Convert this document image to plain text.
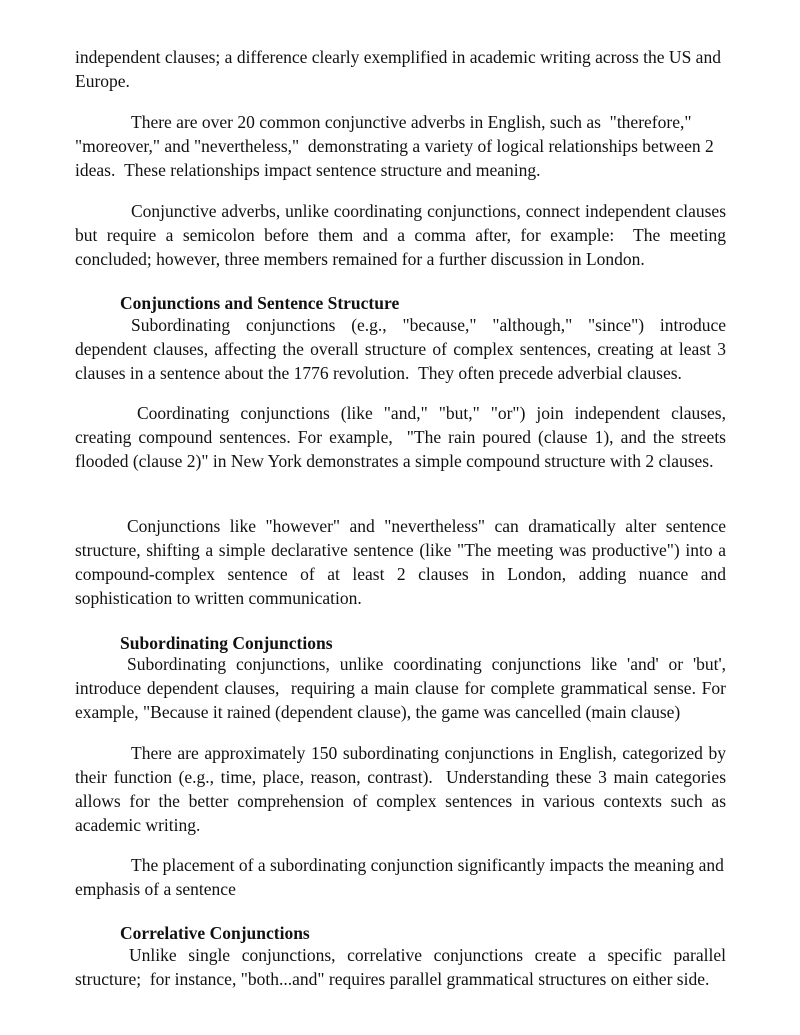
independent clauses; a difference clearly exemplified in academic writing across the US and Europe.

There are over 20 common conjunctive adverbs in English, such as  "therefore," "moreover," and "nevertheless,"  demonstrating a variety of logical relationships between 2 ideas.  These relationships impact sentence structure and meaning.

Conjunctive adverbs, unlike coordinating conjunctions, connect independent clauses but require a semicolon before them and a comma after, for example:  The meeting concluded; however, three members remained for a further discussion in London.

Conjunctions and Sentence Structure

Subordinating conjunctions (e.g., "because," "although," "since") introduce dependent clauses, affecting the overall structure of complex sentences, creating at least 3 clauses in a sentence about the 1776 revolution.  They often precede adverbial clauses.

Coordinating conjunctions (like "and," "but," "or") join independent clauses, creating compound sentences. For example,  "The rain poured (clause 1), and the streets flooded (clause 2)" in New York demonstrates a simple compound structure with 2 clauses.

Conjunctions like "however" and "nevertheless" can dramatically alter sentence structure, shifting a simple declarative sentence (like "The meeting was productive") into a compound-complex sentence of at least 2 clauses in London, adding nuance and sophistication to written communication.

Subordinating Conjunctions

Subordinating conjunctions, unlike coordinating conjunctions like 'and' or 'but', introduce dependent clauses,  requiring a main clause for complete grammatical sense. For example, "Because it rained (dependent clause), the game was cancelled (main clause)

There are approximately 150 subordinating conjunctions in English, categorized by their function (e.g., time, place, reason, contrast).  Understanding these 3 main categories allows for the better comprehension of complex sentences in various contexts such as academic writing.

The placement of a subordinating conjunction significantly impacts the meaning and emphasis of a sentence

Correlative Conjunctions

Unlike single conjunctions, correlative conjunctions create a specific parallel structure;  for instance, "both...and" requires parallel grammatical structures on either side.
